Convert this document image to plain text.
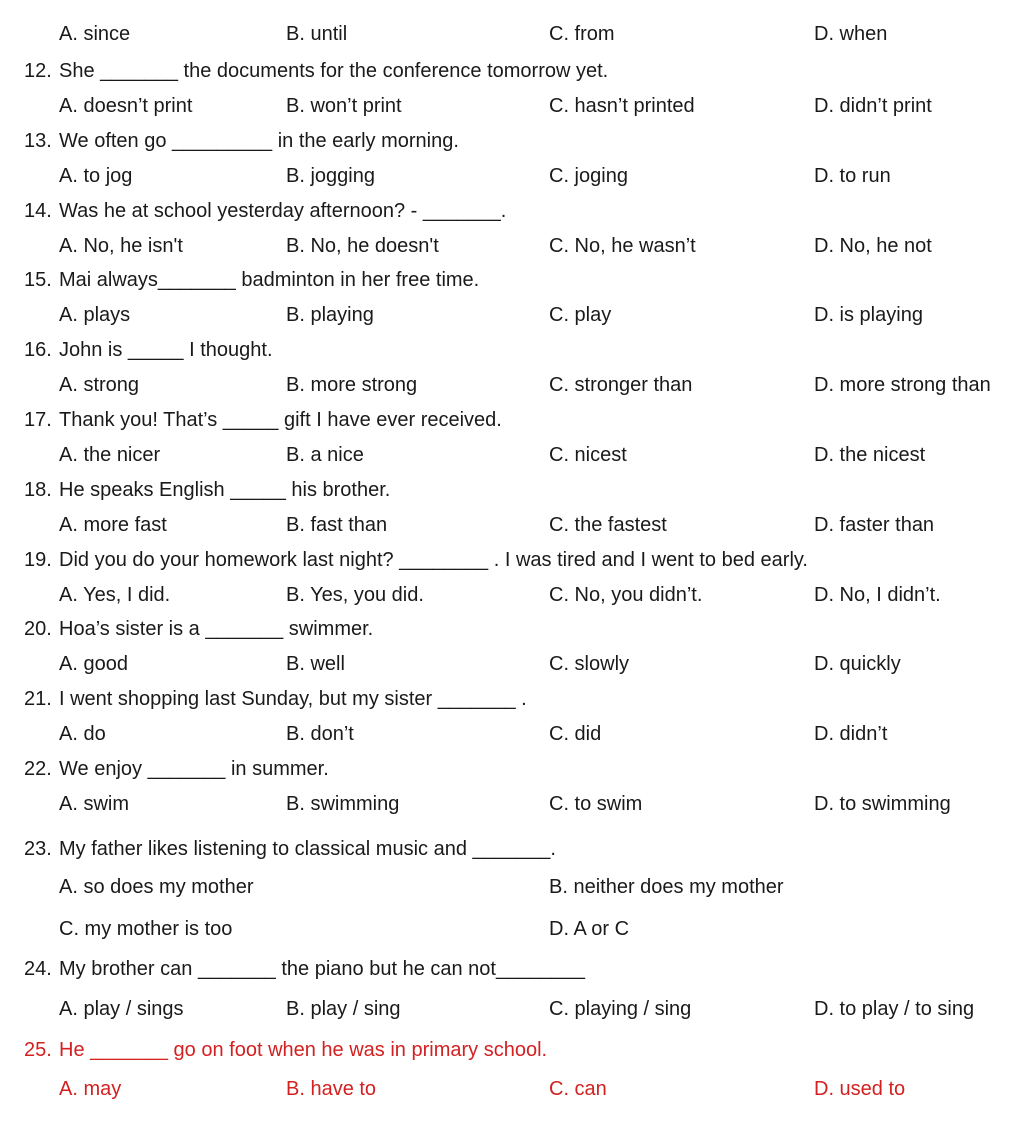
A. since	B. until	C. from	D. when
12. She _______ the documents for the conference tomorrow yet.
A. doesn’t print	B. won’t print	C. hasn’t printed	D. didn’t print
13. We often go _________ in the early morning.
A. to jog	B. jogging	C. joging	D. to run
14. Was he at school yesterday afternoon? - _______.
A. No, he isn't	B. No, he doesn't	C. No, he wasn’t	D. No, he not
15. Mai always_______ badminton in her free time.
A. plays	B. playing	C. play	D. is playing
16. John is _____ I thought.
A. strong	B. more strong	C. stronger than	D. more strong than
17. Thank you! That’s _____ gift I have ever received.
A. the nicer	B. a nice	C. nicest	D. the nicest
18. He speaks English _____ his brother.
A. more fast	B. fast than	C. the fastest	D. faster than
19. Did you do your homework last night? ________ . I was tired and I went to bed early.
A. Yes, I did.	B. Yes, you did.	C. No, you didn’t.	D. No, I didn’t.
20. Hoa’s sister is a _______ swimmer.
A. good	B. well	C. slowly	D. quickly
21. I went shopping last Sunday, but my sister _______ .
A. do	B. don’t	C. did	D. didn’t
22. We enjoy _______ in summer.
A. swim	B. swimming	C. to swim	D. to swimming
23. My father likes listening to classical music and _______.
A. so does my mother	B. neither does my mother
C. my mother is too	D. A or C
24. My brother can _______ the piano but he can not________
A. play / sings	B. play / sing	C. playing / sing	D. to play / to sing
25. He _______ go on foot when he was in primary school.
A. may	B. have to	C. can	D. used to
